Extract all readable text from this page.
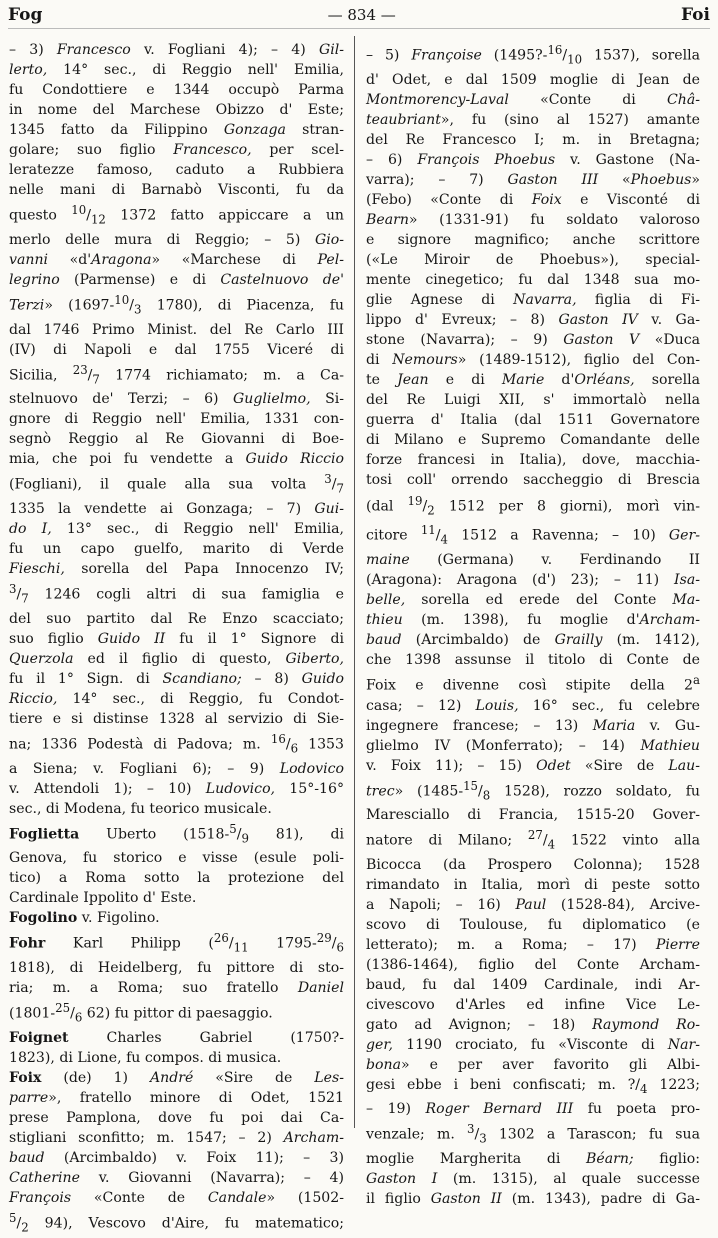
Fog	— 834 —	Foi
– 3) Francesco v. Fogliani 4); – 4) Gil-
lerto, 14° sec., di Reggio nell' Emilia,
fu Condottiere e 1344 occupò Parma
in nome del Marchese Obizzo d' Este;
1345 fatto da Filippino Gonzaga stran-
golare; suo figlio Francesco, per scel-
leratezze famoso, caduto a Rubbiera
nelle mani di Barnabò Visconti, fu da
questo $^{10}/_{12}$ 1372 fatto appiccare a un
merlo delle mura di Reggio; – 5) Gio-
vanni «d'Aragona» «Marchese di Pel-
legrino (Parmense) e di Castelnuovo de'
Terzi» ($1697-^{10}/_3$ 1780), di Piacenza, fu
dal 1746 Primo Minist. del Re Carlo III
(IV) di Napoli e dal 1755 Viceré di
Sicilia, $^{23}/_7$ 1774 richiamato; m. a Ca-
stelnuovo de' Terzi; – 6) Guglielmo, Si-
gnore di Reggio nell' Emilia, 1331 con-
segnò Reggio al Re Giovanni di Boe-
mia, che poi fu vendette a Guido Riccio
(Fogliani), il quale alla sua volta $^3/_7$
1335 la vendette ai Gonzaga; – 7) Gui-
do I, 13° sec., di Reggio nell' Emilia,
fu un capo guelfo, marito di Verde
Fieschi, sorella del Papa Innocenzo IV;
$^3/_7$ 1246 cogli altri di sua famiglia e
del suo partito dal Re Enzo scacciato;
suo figlio Guido II fu il 1° Signore di
Querzola ed il figlio di questo, Giberto,
fu il 1° Sign. di Scandiano; – 8) Guido
Riccio, 14° sec., di Reggio, fu Condot-
tiere e si distinse 1328 al servizio di Sie-
na; 1336 Podestà di Padova; m. $^{16}/_6$ 1353
a Siena; v. Fogliani 6); – 9) Lodovico
v. Attendoli 1); – 10) Ludovico, 15°-16°
sec., di Modena, fu teorico musicale.
Foglietta Uberto ($1518-^5/_9$ 81), di
Genova, fu storico e visse (esule poli-
tico) a Roma sotto la protezione del
Cardinale Ippolito d' Este.
Fogolino v. Figolino.
Fohr Karl Philipp ($^{26}/_{11}$ $1795-^{29}/_6$
1818), di Heidelberg, fu pittore di sto-
ria; m. a Roma; suo fratello Daniel
($1801-^{25}/_6$ 62) fu pittor di paesaggio.
Foignet Charles Gabriel (1750?-
1823), di Lione, fu compos. di musica.
Foix (de) 1) André «Sire de Les-
parre», fratello minore di Odet, 1521
prese Pamplona, dove fu poi dai Ca-
stigliani sconfitto; m. 1547; – 2) Archam-
baud (Arcimbaldo) v. Foix 11); – 3)
Catherine v. Giovanni (Navarra); – 4)
François «Conte de Candale» (1502-
$^5/_2$ 94), Vescovo d'Aire, fu matematico;
– 5) Françoise ($1495?-^{16}/_{10}$ 1537), sorella
d' Odet, e dal 1509 moglie di Jean de
Montmorency-Laval «Conte di Châ-
teaubriant», fu (sino al 1527) amante
del Re Francesco I; m. in Bretagna;
– 6) François Phoebus v. Gastone (Na-
varra); – 7) Gaston III «Phoebus»
(Febo) «Conte di Foix e Visconté di
Bearn» (1331-91) fu soldato valoroso
e signore magnifico; anche scrittore
(«Le Miroir de Phoebus»), special-
mente cinegetico; fu dal 1348 sua mo-
glie Agnese di Navarra, figlia di Fi-
lippo d' Evreux; – 8) Gaston IV v. Ga-
stone (Navarra); – 9) Gaston V «Duca
di Nemours» (1489-1512), figlio del Con-
te Jean e di Marie d'Orléans, sorella
del Re Luigi XII, s' immortalò nella
guerra d' Italia (dal 1511 Governatore
di Milano e Supremo Comandante delle
forze francesi in Italia), dove, macchia-
tosi coll' orrendo saccheggio di Brescia
(dal $^{19}/_2$ 1512 per 8 giorni), morì vin-
citore $^{11}/_4$ 1512 a Ravenna; – 10) Ger-
maine (Germana) v. Ferdinando II
(Aragona): Aragona (d') 23); – 11) Isa-
belle, sorella ed erede del Conte Ma-
thieu (m. 1398), fu moglie d'Archam-
baud (Arcimbaldo) de Grailly (m. 1412),
che 1398 assunse il titolo di Conte de
Foix e divenne così stipite della 2$^a$
casa; – 12) Louis, 16° sec., fu celebre
ingegnere francese; – 13) Maria v. Gu-
glielmo IV (Monferrato); – 14) Mathieu
v. Foix 11); – 15) Odet «Sire de Lau-
trec» ($1485-^{15}/_8$ 1528), rozzo soldato, fu
Maresciallo di Francia, 1515-20 Gover-
natore di Milano; $^{27}/_4$ 1522 vinto alla
Bicocca (da Prospero Colonna); 1528
rimandato in Italia, morì di peste sotto
a Napoli; – 16) Paul (1528-84), Arcive-
scovo di Toulouse, fu diplomatico (e
letterato); m. a Roma; – 17) Pierre
(1386-1464), figlio del Conte Archam-
baud, fu dal 1409 Cardinale, indi Ar-
civescovo d'Arles ed infine Vice Le-
gato ad Avignon; – 18) Raymond Ro-
ger, 1190 crociato, fu «Visconte di Nar-
bona» e per aver favorito gli Albi-
gesi ebbe i beni confiscati; m. $?/_4$ 1223;
– 19) Roger Bernard III fu poeta pro-
venzale; m. $^3/_3$ 1302 a Tarascon; fu sua
moglie Margherita di Béarn; figlio:
Gaston I (m. 1315), al quale successe
il figlio Gaston II (m. 1343), padre di Ga-
